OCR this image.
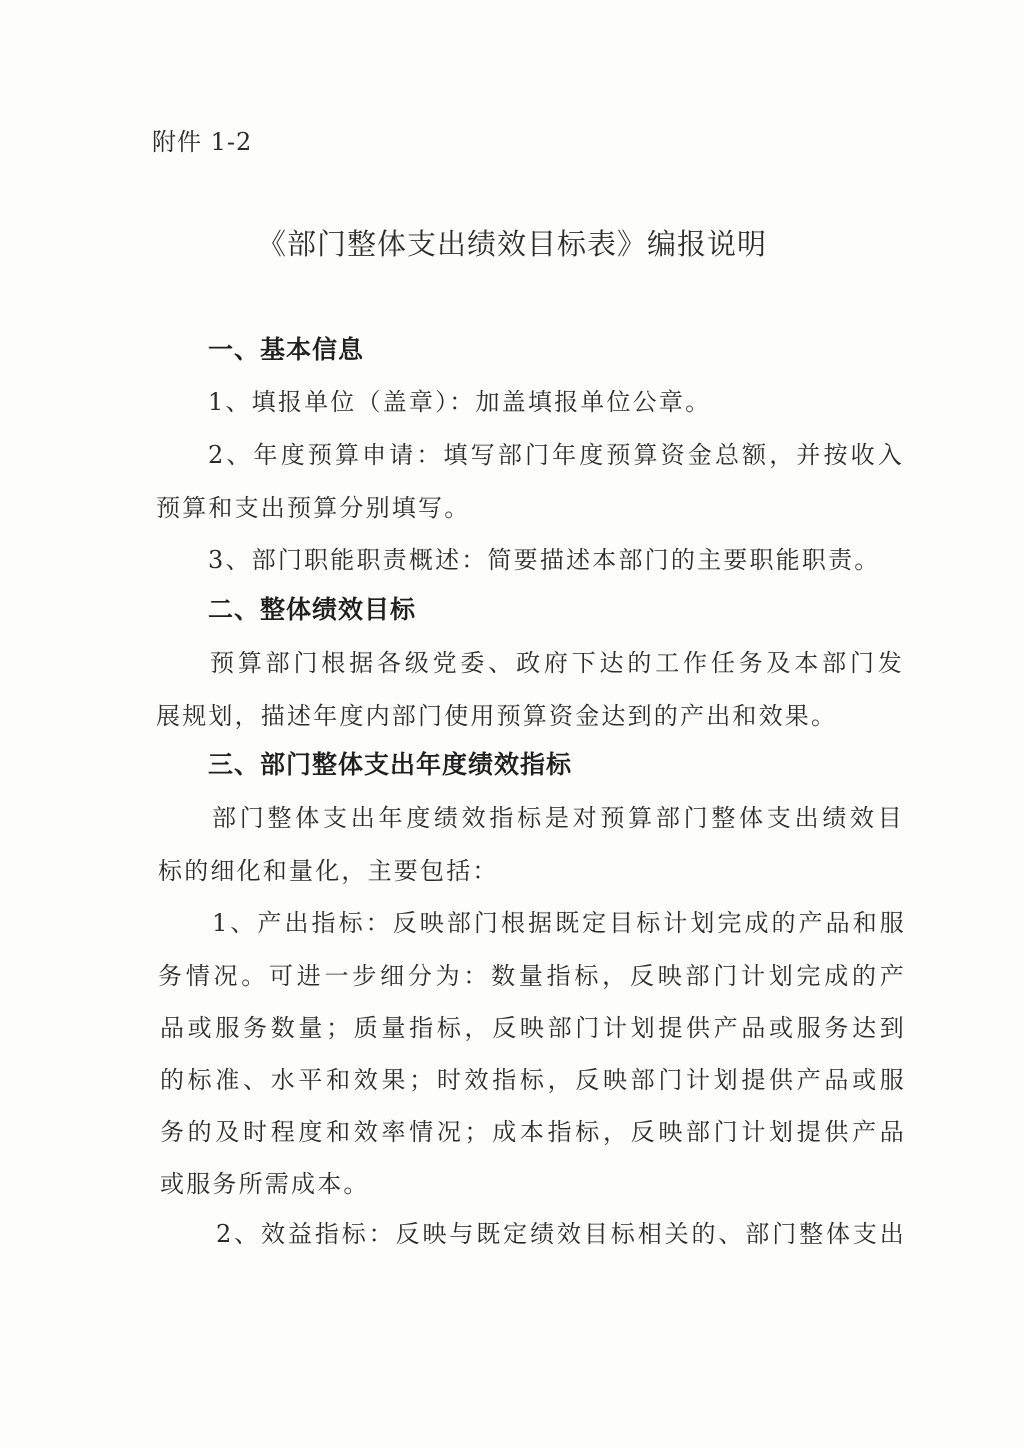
附件 1-2
《部门整体支出绩效目标表》编报说明
一、基本信息
1、填报单位（盖章）：加盖填报单位公章。
2、年度预算申请：填写部门年度预算资金总额，并按收入
预算和支出预算分别填写。
3、部门职能职责概述：简要描述本部门的主要职能职责。
二、整体绩效目标
预算部门根据各级党委、政府下达的工作任务及本部门发
展规划，描述年度内部门使用预算资金达到的产出和效果。
三、部门整体支出年度绩效指标
部门整体支出年度绩效指标是对预算部门整体支出绩效目
标的细化和量化，主要包括：
1、产出指标：反映部门根据既定目标计划完成的产品和服
务情况。可进一步细分为：数量指标，反映部门计划完成的产
品或服务数量；质量指标，反映部门计划提供产品或服务达到
的标准、水平和效果；时效指标，反映部门计划提供产品或服
务的及时程度和效率情况；成本指标，反映部门计划提供产品
或服务所需成本。
2、效益指标：反映与既定绩效目标相关的、部门整体支出
